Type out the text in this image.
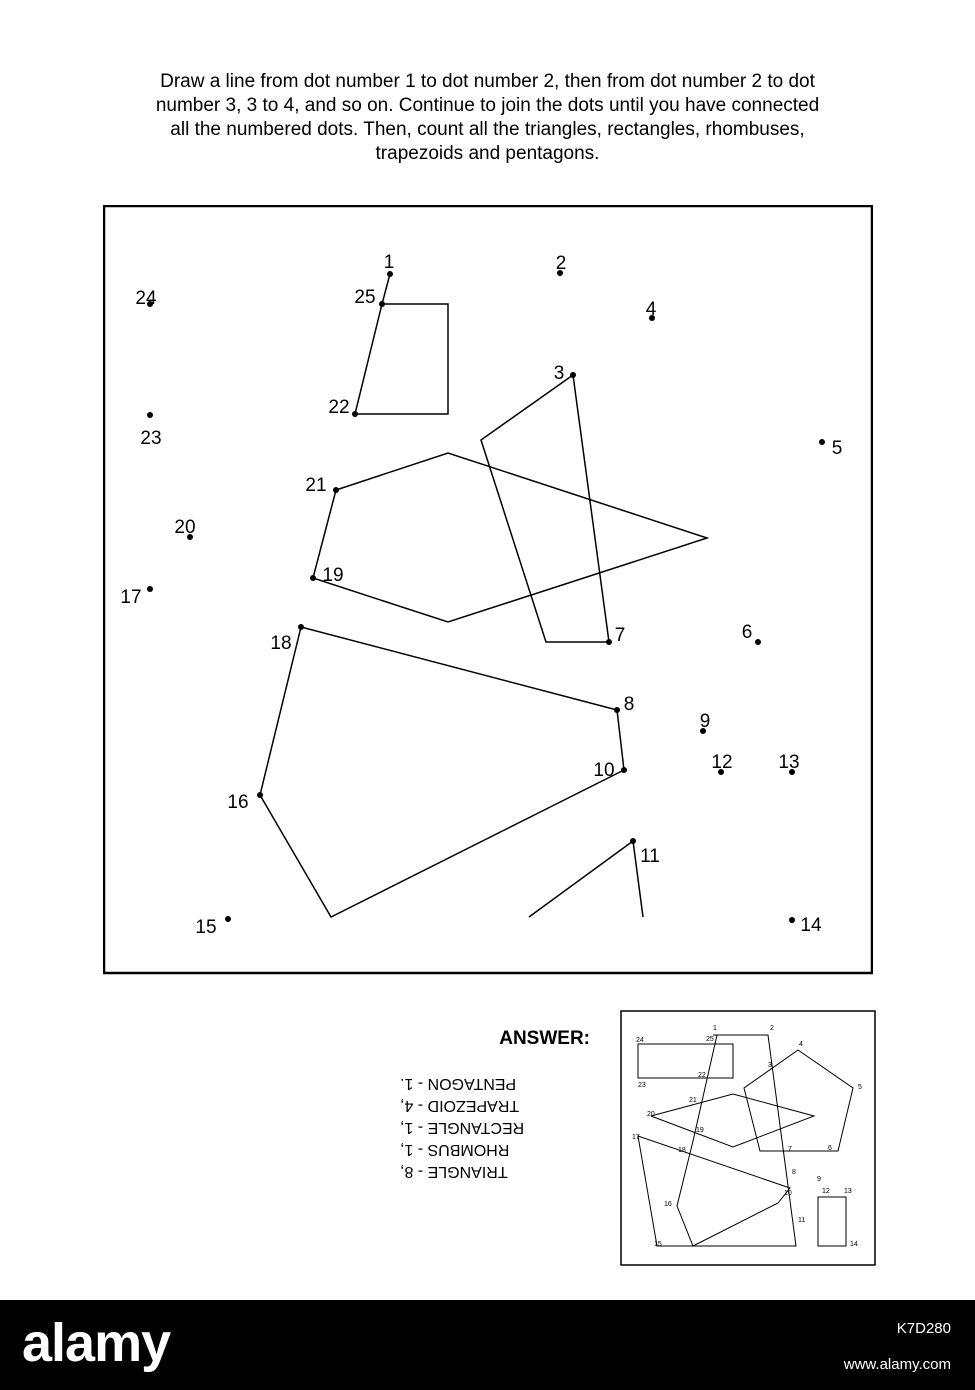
Draw a line from dot number 1 to dot number 2, then from dot number 2 to dot
number 3, 3 to 4, and so on. Continue to join the dots until you have connected
all the numbered dots. Then, count all the triangles, rectangles, rhombuses,
trapezoids and pentagons.
1	2
3
4
5
6
7
8
9
10
11
12 13
14
15
16
17
18
19
20
21
22
23
24	25
ANSWER:
TRIANGLE - 8,
RHOMBUS - 1,
RECTANGLE - 1,
TRAPEZOID - 4,
PENTAGON - 1.
1	2
3
4
5
6
7
8
9
10
11
12 13
14
15
16
17
18
19
20
21
22
23
24	25
alamy	K7D280
www.alamy.com
